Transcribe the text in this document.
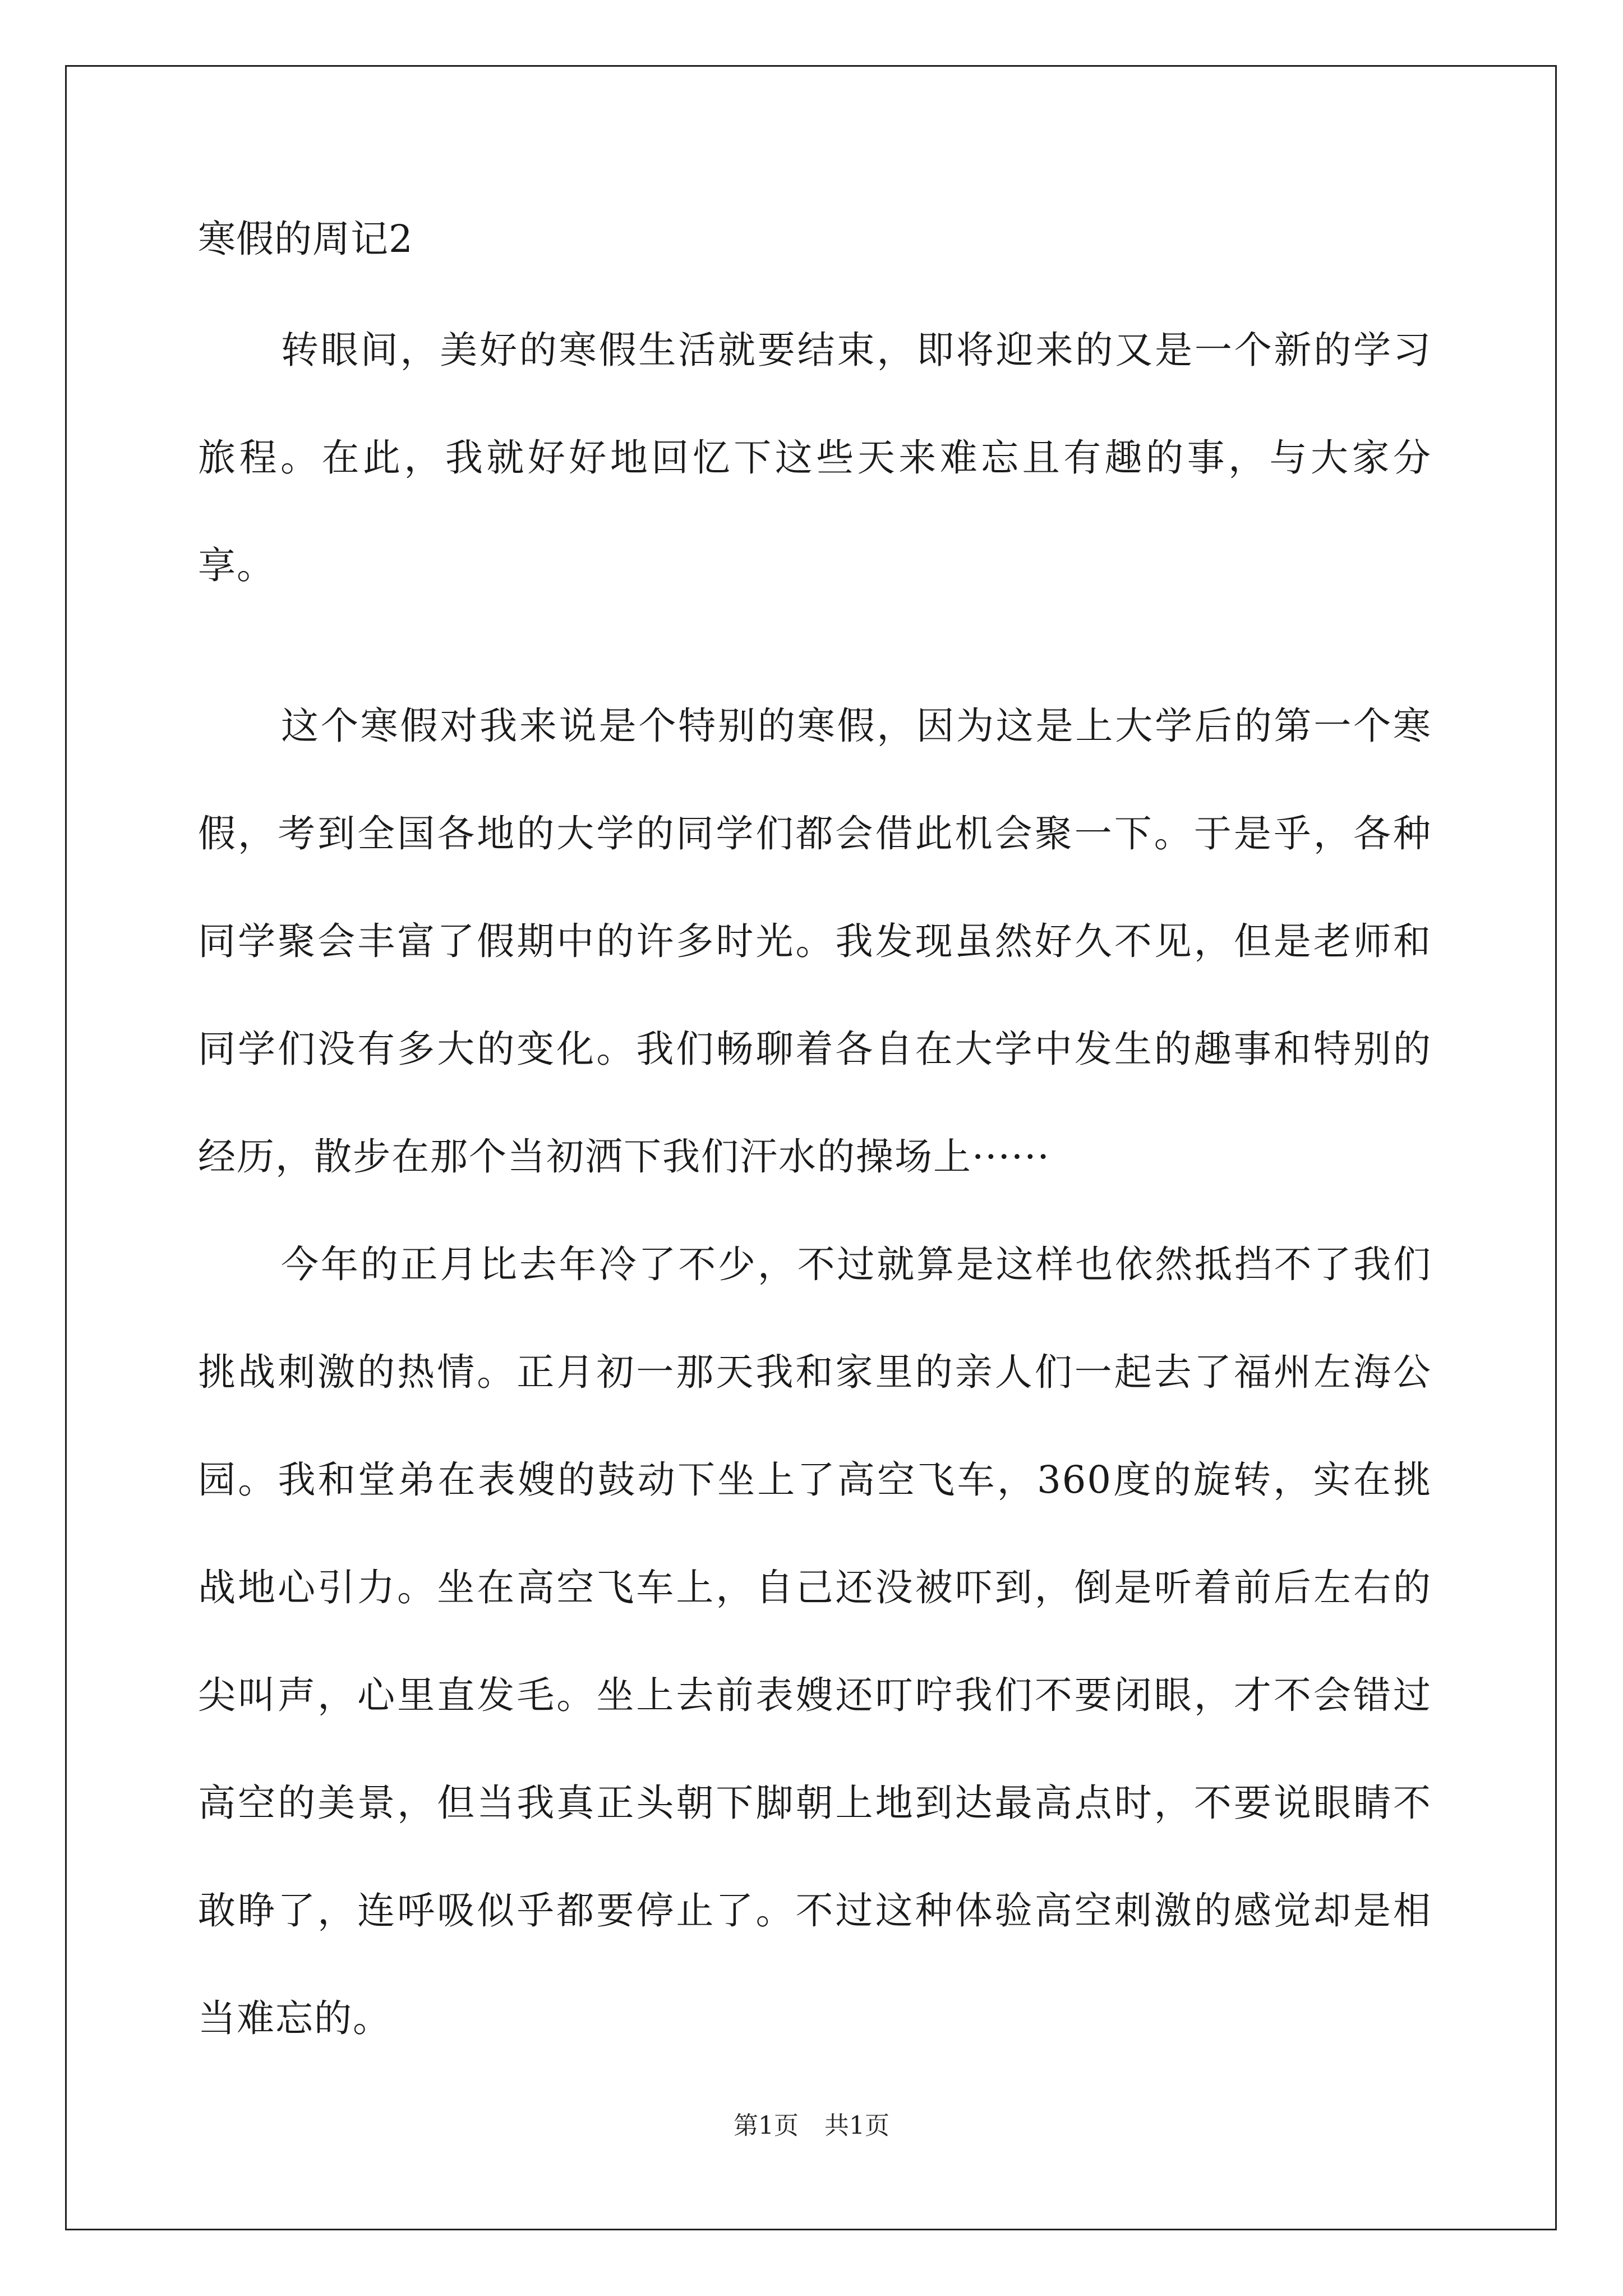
寒假的周记2

转眼间，美好的寒假生活就要结束，即将迎来的又是一个新的学习旅程。在此，我就好好地回忆下这些天来难忘且有趣的事，与大家分享。

这个寒假对我来说是个特别的寒假，因为这是上大学后的第一个寒假，考到全国各地的大学的同学们都会借此机会聚一下。于是乎，各种同学聚会丰富了假期中的许多时光。我发现虽然好久不见，但是老师和同学们没有多大的变化。我们畅聊着各自在大学中发生的趣事和特别的经历，散步在那个当初洒下我们汗水的操场上······

今年的正月比去年冷了不少，不过就算是这样也依然抵挡不了我们挑战刺激的热情。正月初一那天我和家里的亲人们一起去了福州左海公园。我和堂弟在表嫂的鼓动下坐上了高空飞车，360度的旋转，实在挑战地心引力。坐在高空飞车上，自己还没被吓到，倒是听着前后左右的尖叫声，心里直发毛。坐上去前表嫂还叮咛我们不要闭眼，才不会错过高空的美景，但当我真正头朝下脚朝上地到达最高点时，不要说眼睛不敢睁了，连呼吸似乎都要停止了。不过这种体验高空刺激的感觉却是相当难忘的。

第1页 共1页
